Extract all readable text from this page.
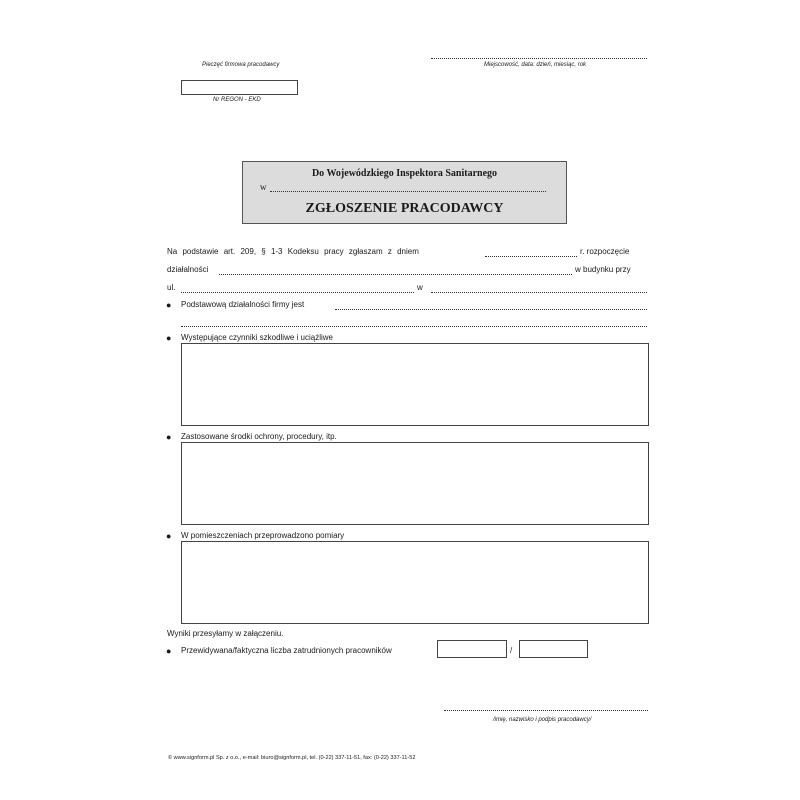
Pieczęć firmowa pracodawcy
Nr REGON - EKD
Miejscowość, data: dzień, miesiąc, rok
Do Wojewódzkiego Inspektora Sanitarnego
w
ZGŁOSZENIE PRACODAWCY
Na podstawie art. 209, § 1-3 Kodeksu pracy zgłaszam z dniem	r. rozpoczęcie
działalności	w budynku przy
ul.	w
● Podstawową działalności firmy jest
● Występujące czynniki szkodliwe i uciążliwe
● Zastosowane środki ochrony, procedury, itp.
● W pomieszczeniach przeprowadzono pomiary
Wyniki przesyłamy w załączeniu.
● Przewidywana/faktyczna liczba zatrudnionych pracowników	/
/imię, nazwisko i podpis pracodawcy/
© www.signform.pl Sp. z o.o., e-mail: biuro@signform.pl, tel. (0-22) 337-11-51, fax: (0-22) 337-11-52
